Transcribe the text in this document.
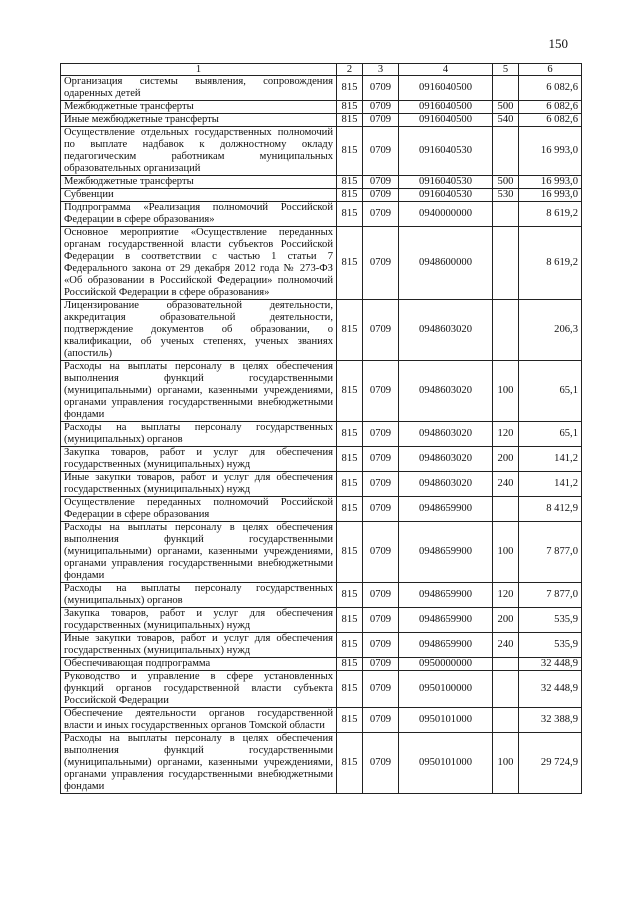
150
1	2	3	4	5	6
Организация системы выявления, сопровождения одаренных детей	815	0709	0916040500		6 082,6
Межбюджетные трансферты	815	0709	0916040500	500	6 082,6
Иные межбюджетные трансферты	815	0709	0916040500	540	6 082,6
Осуществление отдельных государственных полномочий по выплате надбавок к должностному окладу педагогическим работникам муниципальных образовательных организаций	815	0709	0916040530		16 993,0
Межбюджетные трансферты	815	0709	0916040530	500	16 993,0
Субвенции	815	0709	0916040530	530	16 993,0
Подпрограмма «Реализация полномочий Российской Федерации в сфере образования»	815	0709	0940000000		8 619,2
Основное мероприятие «Осуществление переданных органам государственной власти субъектов Российской Федерации в соответствии с частью 1 статьи 7 Федерального закона от 29 декабря 2012 года № 273-ФЗ «Об образовании в Российской Федерации» полномочий Российской Федерации в сфере образования»	815	0709	0948600000		8 619,2
Лицензирование образовательной деятельности, аккредитация образовательной деятельности, подтверждение документов об образовании, о квалификации, об ученых степенях, ученых званиях (апостиль)	815	0709	0948603020		206,3
Расходы на выплаты персоналу в целях обеспечения выполнения функций государственными (муниципальными) органами, казенными учреждениями, органами управления государственными внебюджетными фондами	815	0709	0948603020	100	65,1
Расходы на выплаты персоналу государственных (муниципальных) органов	815	0709	0948603020	120	65,1
Закупка товаров, работ и услуг для обеспечения государственных (муниципальных) нужд	815	0709	0948603020	200	141,2
Иные закупки товаров, работ и услуг для обеспечения государственных (муниципальных) нужд	815	0709	0948603020	240	141,2
Осуществление переданных полномочий Российской Федерации в сфере образования	815	0709	0948659900		8 412,9
Расходы на выплаты персоналу в целях обеспечения выполнения функций государственными (муниципальными) органами, казенными учреждениями, органами управления государственными внебюджетными фондами	815	0709	0948659900	100	7 877,0
Расходы на выплаты персоналу государственных (муниципальных) органов	815	0709	0948659900	120	7 877,0
Закупка товаров, работ и услуг для обеспечения государственных (муниципальных) нужд	815	0709	0948659900	200	535,9
Иные закупки товаров, работ и услуг для обеспечения государственных (муниципальных) нужд	815	0709	0948659900	240	535,9
Обеспечивающая подпрограмма	815	0709	0950000000		32 448,9
Руководство и управление в сфере установленных функций органов государственной власти субъекта Российской Федерации	815	0709	0950100000		32 448,9
Обеспечение деятельности органов государственной власти и иных государственных органов Томской области	815	0709	0950101000		32 388,9
Расходы на выплаты персоналу в целях обеспечения выполнения функций государственными (муниципальными) органами, казенными учреждениями, органами управления государственными внебюджетными фондами	815	0709	0950101000	100	29 724,9
